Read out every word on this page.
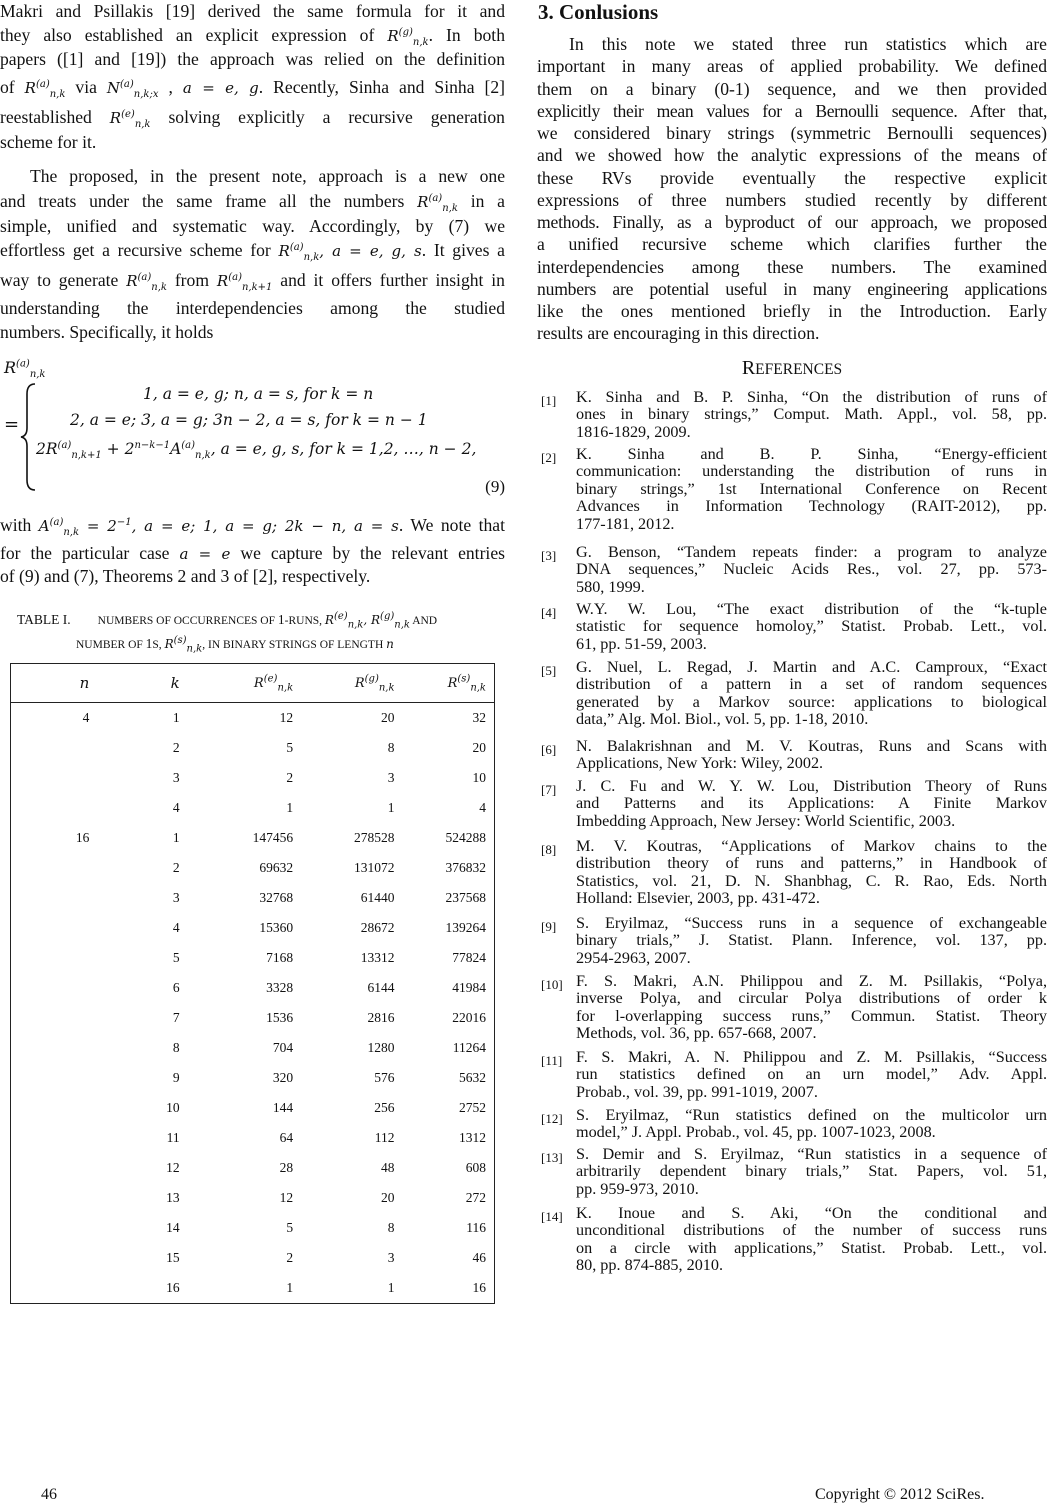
Makri and Psillakis [19] derived the same formula for it and

they also established an explicit expression of $R^{(g)}_{n,k}$. In both

papers ([1] and [19]) the approach was relied on the definition

of $R^{(a)}_{n,k}$ via $N^{(a)}_{n,k;x}$ , a = e, g. Recently, Sinha and Sinha [2]

reestablished $R^{(e)}_{n,k}$ solving explicitly a recursive generation

scheme for it.

The proposed, in the present note, approach is a new one

and treats under the same frame all the numbers $R^{(a)}_{n,k}$ in a

simple, unified and systematic way. Accordingly, by (7) we

effortless get a recursive scheme for $R^{(a)}_{n,k}$, a = e, g, s. It gives a

way to generate $R^{(a)}_{n,k}$ from $R^{(a)}_{n,k+1}$ and it offers further insight in

understanding the interdependencies among the studied

numbers. Specifically, it holds

$R^{(a)}_{n,k}$
=
1, a = e, g; n, a = s, for k = n
2, a = e; 3, a = g; 3n − 2, a = s, for k = n − 1
$2R^{(a)}_{n,k+1} + 2^{n-k-1}A^{(a)}_{n,k}$, a = e, g, s, for k = 1,2, …, n − 2,
(9)

with $A^{(a)}_{n,k} = 2^{-1}$, a = e; 1, a = g; 2k − n, a = s. We note that

for the particular case a = e we capture by the relevant entries

of (9) and (7), Theorems 2 and 3 of [2], respectively.

TABLE I.        NUMBERS OF OCCURRENCES OF 1-RUNS, $R^{(e)}_{n,k}$, $R^{(g)}_{n,k}$ AND
NUMBER OF 1S, $R^{(s)}_{n,k}$, IN BINARY STRINGS OF LENGTH n
n	k	$R^{(e)}_{n,k}$	$R^{(g)}_{n,k}$	$R^{(s)}_{n,k}$
4	1	12	20	32
	2	5	8	20
	3	2	3	10
	4	1	1	4
16	1	147456	278528	524288
	2	69632	131072	376832
	3	32768	61440	237568
	4	15360	28672	139264
	5	7168	13312	77824
	6	3328	6144	41984
	7	1536	2816	22016
	8	704	1280	11264
	9	320	576	5632
	10	144	256	2752
	11	64	112	1312
	12	28	48	608
	13	12	20	272
	14	5	8	116
	15	2	3	46
	16	1	1	16
3. Conlusions

In this note we stated three run statistics which are

important in many areas of applied probability. We defined

them on a binary (0-1) sequence, and we then provided

explicitly their mean values for a Bernoulli sequence. After that,

we considered binary strings (symmetric Bernoulli sequences)

and we showed how the analytic expressions of the means of

these RVs provide eventually the respective explicit

expressions of three numbers studied recently by different

methods. Finally, as a byproduct of our approach, we proposed

a unified recursive scheme which clarifies further the

interdependencies among these numbers. The examined

numbers are potential useful in many engineering applications

like the ones mentioned briefly in the Introduction. Early

results are encouraging in this direction.

REFERENCES
[1] K. Sinha and B. P. Sinha, “On the distribution of runs of
ones in binary strings,” Comput. Math. Appl., vol. 58, pp.
1816-1829, 2009.
[2] K. Sinha and B. P. Sinha, “Energy-efficient
communication: understanding the distribution of runs in
binary strings,” 1st International Conference on Recent
Advances in Information Technology (RAIT-2012), pp.
177-181, 2012.
[3] G. Benson, “Tandem repeats finder: a program to analyze
DNA sequences,” Nucleic Acids Res., vol. 27, pp. 573-
580, 1999.
[4] W.Y. W. Lou, “The exact distribution of the “k-tuple
statistic for sequence homoloy,” Statist. Probab. Lett., vol.
61, pp. 51-59, 2003.
[5] G. Nuel, L. Regad, J. Martin and A.C. Camproux, “Exact
distribution of a pattern in a set of random sequences
generated by a Markov source: applications to biological
data,” Alg. Mol. Biol., vol. 5, pp. 1-18, 2010.
[6] N. Balakrishnan and M. V. Koutras, Runs and Scans with
Applications, New York: Wiley, 2002.
[7] J. C. Fu and W. Y. W. Lou, Distribution Theory of Runs
and Patterns and its Applications: A Finite Markov
Imbedding Approach, New Jersey: World Scientific, 2003.
[8] M. V. Koutras, “Applications of Markov chains to the
distribution theory of runs and patterns,” in Handbook of
Statistics, vol. 21, D. N. Shanbhag, C. R. Rao, Eds. North
Holland: Elsevier, 2003, pp. 431-472.
[9] S. Eryilmaz, “Success runs in a sequence of exchangeable
binary trials,” J. Statist. Plann. Inference, vol. 137, pp.
2954-2963, 2007.
[10] F. S. Makri, A.N. Philippou and Z. M. Psillakis, “Polya,
inverse Polya, and circular Polya distributions of order k
for l-overlapping success runs,” Commun. Statist. Theory
Methods, vol. 36, pp. 657-668, 2007.
[11] F. S. Makri, A. N. Philippou and Z. M. Psillakis, “Success
run statistics defined on an urn model,” Adv. Appl.
Probab., vol. 39, pp. 991-1019, 2007.
[12] S. Eryilmaz, “Run statistics defined on the multicolor urn
model,” J. Appl. Probab., vol. 45, pp. 1007-1023, 2008.
[13] S. Demir and S. Eryilmaz, “Run statistics in a sequence of
arbitrarily dependent binary trials,” Stat. Papers, vol. 51,
pp. 959-973, 2010.
[14] K. Inoue and S. Aki, “On the conditional and
unconditional distributions of the number of success runs
on a circle with applications,” Statist. Probab. Lett., vol.
80, pp. 874-885, 2010.
46	Copyright © 2012 SciRes.
